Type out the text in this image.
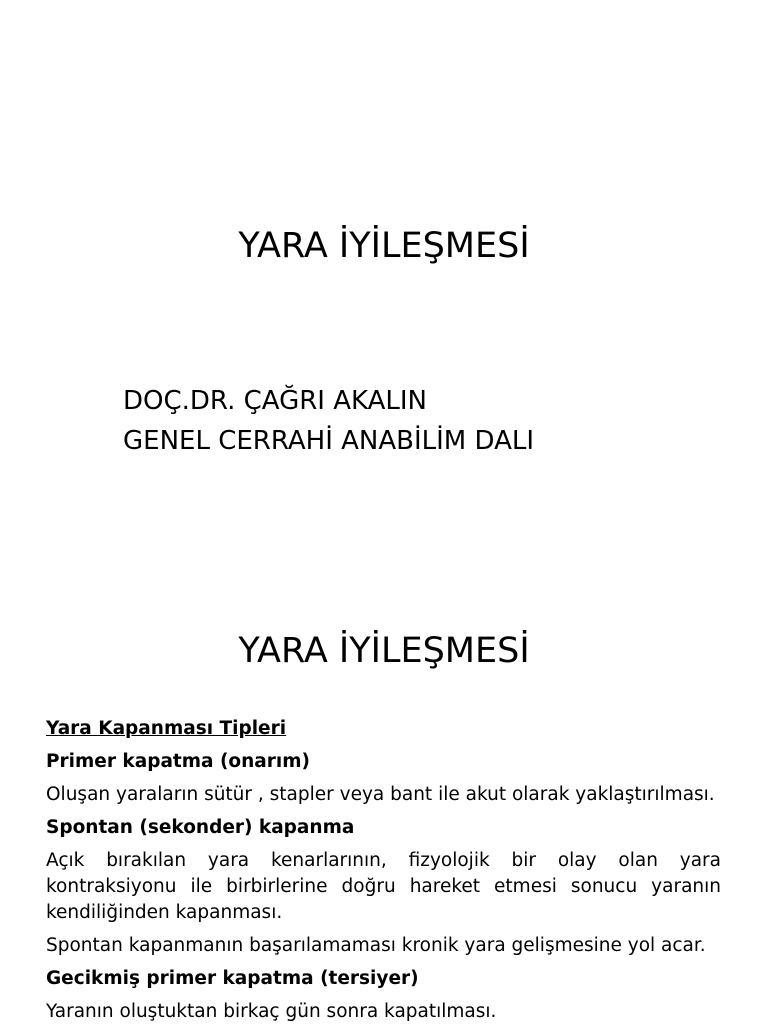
YARA İYİLEŞMESİ
DOÇ.DR. ÇAĞRI AKALIN
GENEL CERRAHİ ANABİLİM DALI
YARA İYİLEŞMESİ

Yara Kapanması Tipleri

Primer kapatma (onarım)

Oluşan yaraların sütür , stapler veya bant ile akut olarak yaklaştırılması.

Spontan (sekonder) kapanma

Açık bırakılan yara kenarlarının, fizyolojik bir olay olan yara kontraksiyonu ile birbirlerine doğru hareket etmesi sonucu yaranın kendiliğinden kapanması.

Spontan kapanmanın başarılamaması kronik yara gelişmesine yol acar.

Gecikmiş primer kapatma (tersiyer)

Yaranın oluştuktan birkaç gün sonra kapatılması.
